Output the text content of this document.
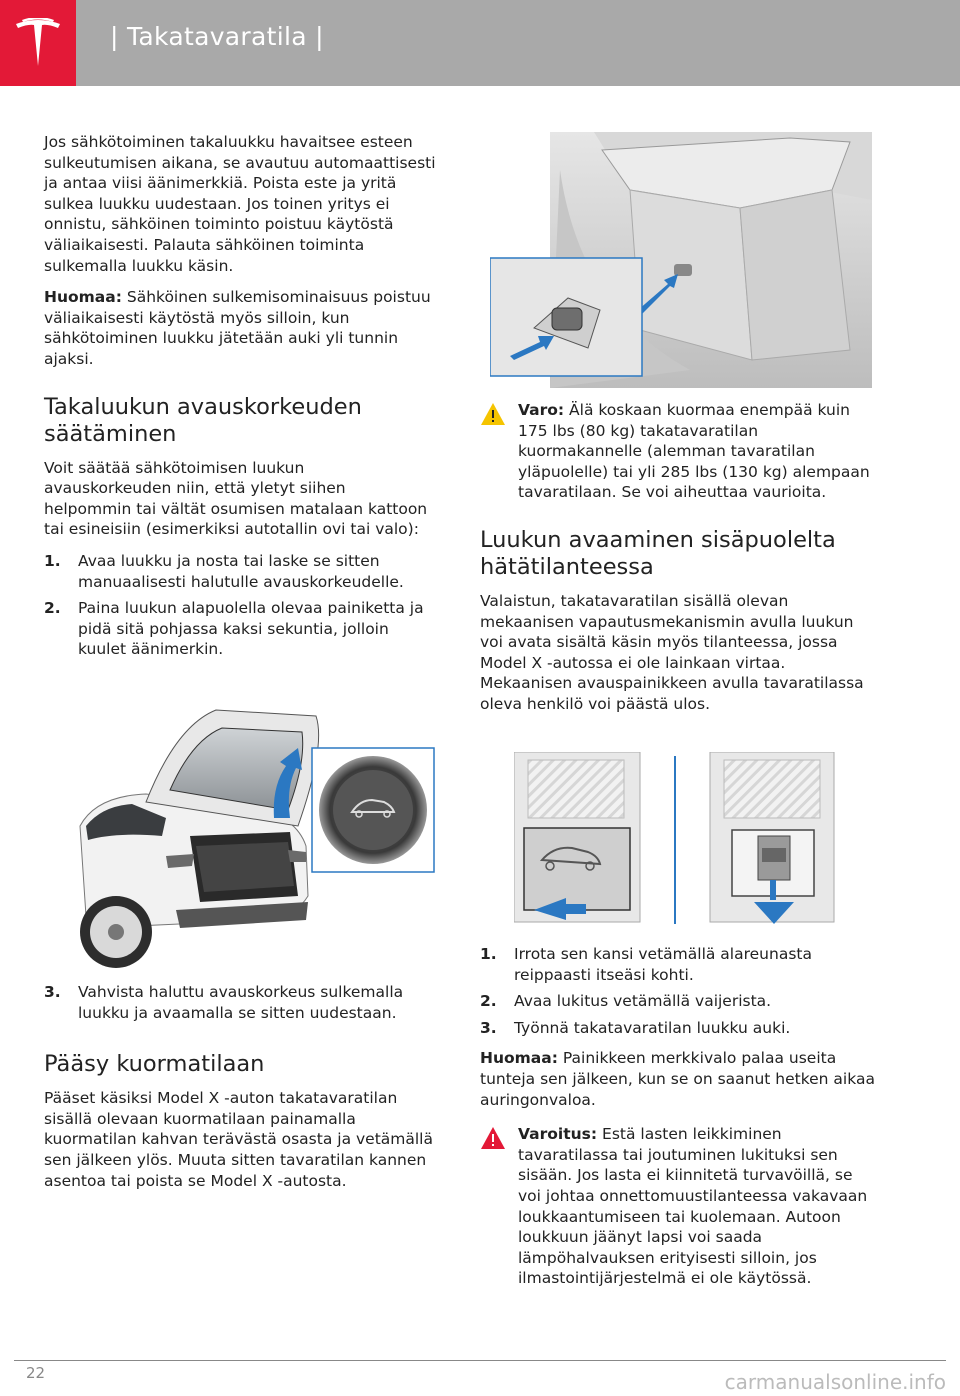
| Takatavaratila |

Jos sähkötoiminen takaluukku havaitsee esteen sulkeutumisen aikana, se avautuu automaattisesti ja antaa viisi äänimerkkiä. Poista este ja yritä sulkea luukku uudestaan. Jos toinen yritys ei onnistu, sähköinen toiminto poistuu käytöstä väliaikaisesti. Palauta sähköinen toiminta sulkemalla luukku käsin.

Huomaa: Sähköinen sulkemisominaisuus poistuu väliaikaisesti käytöstä myös silloin, kun sähkötoiminen luukku jätetään auki yli tunnin ajaksi.

Takaluukun avauskorkeuden säätäminen

Voit säätää sähkötoimisen luukun avauskorkeuden niin, että yletyt siihen helpommin tai vältät osumisen matalaan kattoon tai esineisiin (esimerkiksi autotallin ovi tai valo):

1. Avaa luukku ja nosta tai laske se sitten manuaalisesti halutulle avauskorkeudelle.
2. Paina luukun alapuolella olevaa painiketta ja pidä sitä pohjassa kaksi sekuntia, jolloin kuulet äänimerkin.
3. Vahvista haluttu avauskorkeus sulkemalla luukku ja avaamalla se sitten uudestaan.
Pääsy kuormatilaan

Pääset käsiksi Model X -auton takatavaratilan sisällä olevaan kuormatilaan painamalla kuormatilan kahvan terävästä osasta ja vetämällä sen jälkeen ylös. Muuta sitten tavaratilan kannen asentoa tai poista se Model X -autosta.

Varo: Älä koskaan kuormaa enempää kuin 175 lbs (80 kg) takatavaratilan kuormakannelle (alemman tavaratilan yläpuolelle) tai yli 285 lbs (130 kg) alempaan tavaratilaan. Se voi aiheuttaa vaurioita.
Luukun avaaminen sisäpuolelta hätätilanteessa

Valaistun, takatavaratilan sisällä olevan mekaanisen vapautusmekanismin avulla luukun voi avata sisältä käsin myös tilanteessa, jossa Model X -autossa ei ole lainkaan virtaa. Mekaanisen avauspainikkeen avulla tavaratilassa oleva henkilö voi päästä ulos.

1. Irrota sen kansi vetämällä alareunasta reippaasti itseäsi kohti.
2. Avaa lukitus vetämällä vaijerista.
3. Työnnä takatavaratilan luukku auki.

Huomaa: Painikkeen merkkivalo palaa useita tunteja sen jälkeen, kun se on saanut hetken aikaa auringonvaloa.

Varoitus: Estä lasten leikkiminen tavaratilassa tai joutuminen lukituksi sen sisään. Jos lasta ei kiinnitetä turvavöillä, se voi johtaa onnettomuustilanteessa vakavaan loukkaantumiseen tai kuolemaan. Autoon loukkuun jäänyt lapsi voi saada lämpöhalvauksen erityisesti silloin, jos ilmastointijärjestelmä ei ole käytössä.
22	carmanualsonline.info
